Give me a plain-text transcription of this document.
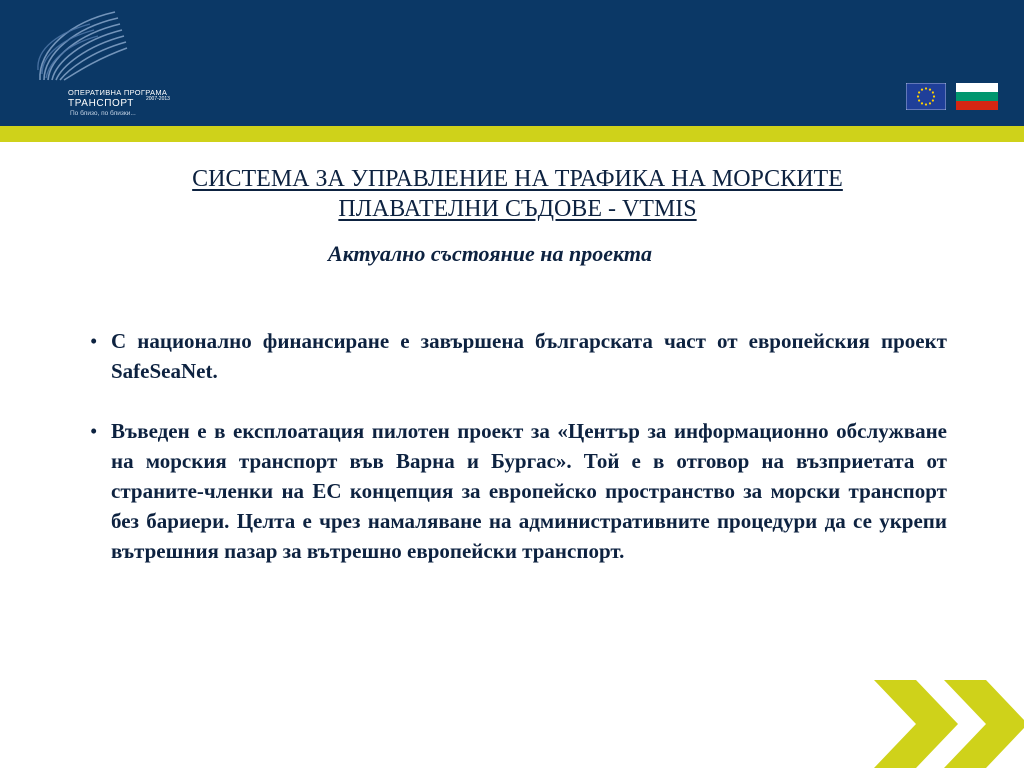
ОПЕРАТИВНА ПРОГРАМА
ТРАНСПОРТ 2007-2013
По близо, по близки...
СИСТЕМА ЗА УПРАВЛЕНИЕ НА ТРАФИКА НА МОРСКИТЕ
ПЛАВАТЕЛНИ СЪДОВЕ - VTMIS
Актуално състояние на проекта
• С национално финансиране е завършена българската част от европейския проект SafeSeaNet.
• Въведен е в експлоатация пилотен проект за «Център за информационно обслужване на морския транспорт във Варна и Бургас». Той е в отговор на възприетата от страните-членки на ЕС концепция за европейско пространство за морски транспорт без бариери. Целта е чрез намаляване на административните процедури да се укрепи вътрешния пазар за вътрешно европейски транспорт.
